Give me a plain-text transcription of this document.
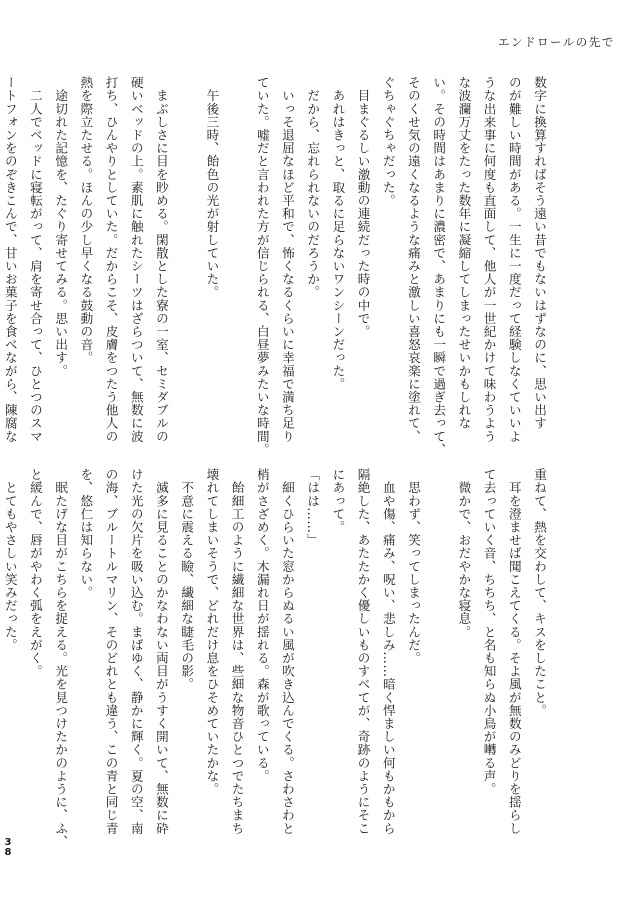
エンドロールの先で
数字に換算すればそう遠い昔でもないはずなのに、思い出す
のが難しい時間がある。一生に一度だって経験しなくていいよ
うな出来事に何度も直面して、他人が一世紀かけて味わうよう
な波瀾万丈をたった数年に凝縮してしまったせいかもしれな
い。その時間はあまりに濃密で、あまりにも一瞬で過ぎ去って、
そのくせ気の遠くなるような痛みと激しい喜怒哀楽に塗れて、
ぐちゃぐちゃだった。
　目まぐるしい激動の連続だった時の中で。
　あれはきっと、取るに足らないワンシーンだった。
　だから、忘れられないのだろうか。
　いっそ退屈なほど平和で、怖くなるくらいに幸福で満ち足り
ていた。嘘だと言われた方が信じられる、白昼夢みたいな時間。
　午後三時、飴色の光が射していた。
　まぶしさに目を眇める。閑散とした寮の一室、セミダブルの
硬いベッドの上。素肌に触れたシーツはざらついて、無数に波
打ち、ひんやりとしていた。だからこそ、皮膚をつたう他人の
熱を際立たせる。ほんの少し早くなる鼓動の音。
　途切れた記憶を、たぐり寄せてみる。思い出す。
　二人でベッドに寝転がって、肩を寄せ合って、ひとつのスマ
ートフォンをのぞきこんで、甘いお菓子を食べながら、陳腐な
重ねて、熱を交わして、キスをしたこと。
　耳を澄ませば聞こえてくる。そよ風が無数のみどりを揺らし
て去っていく音、ちちち、と名も知らぬ小鳥が囀る声。
　微かで、おだやかな寝息。
　思わず、笑ってしまったんだ。
　血や傷、痛み、呪い、悲しみ……暗く悍ましい何もかもから
隔絶した、あたたかく優しいものすべてが、奇跡のようにそこ
にあって。
「はは……」
　細くひらいた窓からぬるい風が吹き込んでくる。さわさわと
梢がさざめく。木漏れ日が揺れる。森が歌っている。
　飴細工のように繊細な世界は、些細な物音ひとつでたちまち
壊れてしまいそうで、どれだけ息をひそめていたかな。
　不意に震える瞼、繊細な睫毛の影。
　滅多に見ることのかなわない両目がうすく開いて、無数に砕
けた光の欠片を吸い込む。まばゆく、静かに輝く。夏の空、南
の海、ブルートルマリン、そのどれとも違う、この青と同じ青
を、悠仁は知らない。
　眠たげな目がこちらを捉える。光を見つけたかのように、ふ、
と緩んで、唇がやわく弧をえがく。
　とてもやさしい笑みだった。
3
8
